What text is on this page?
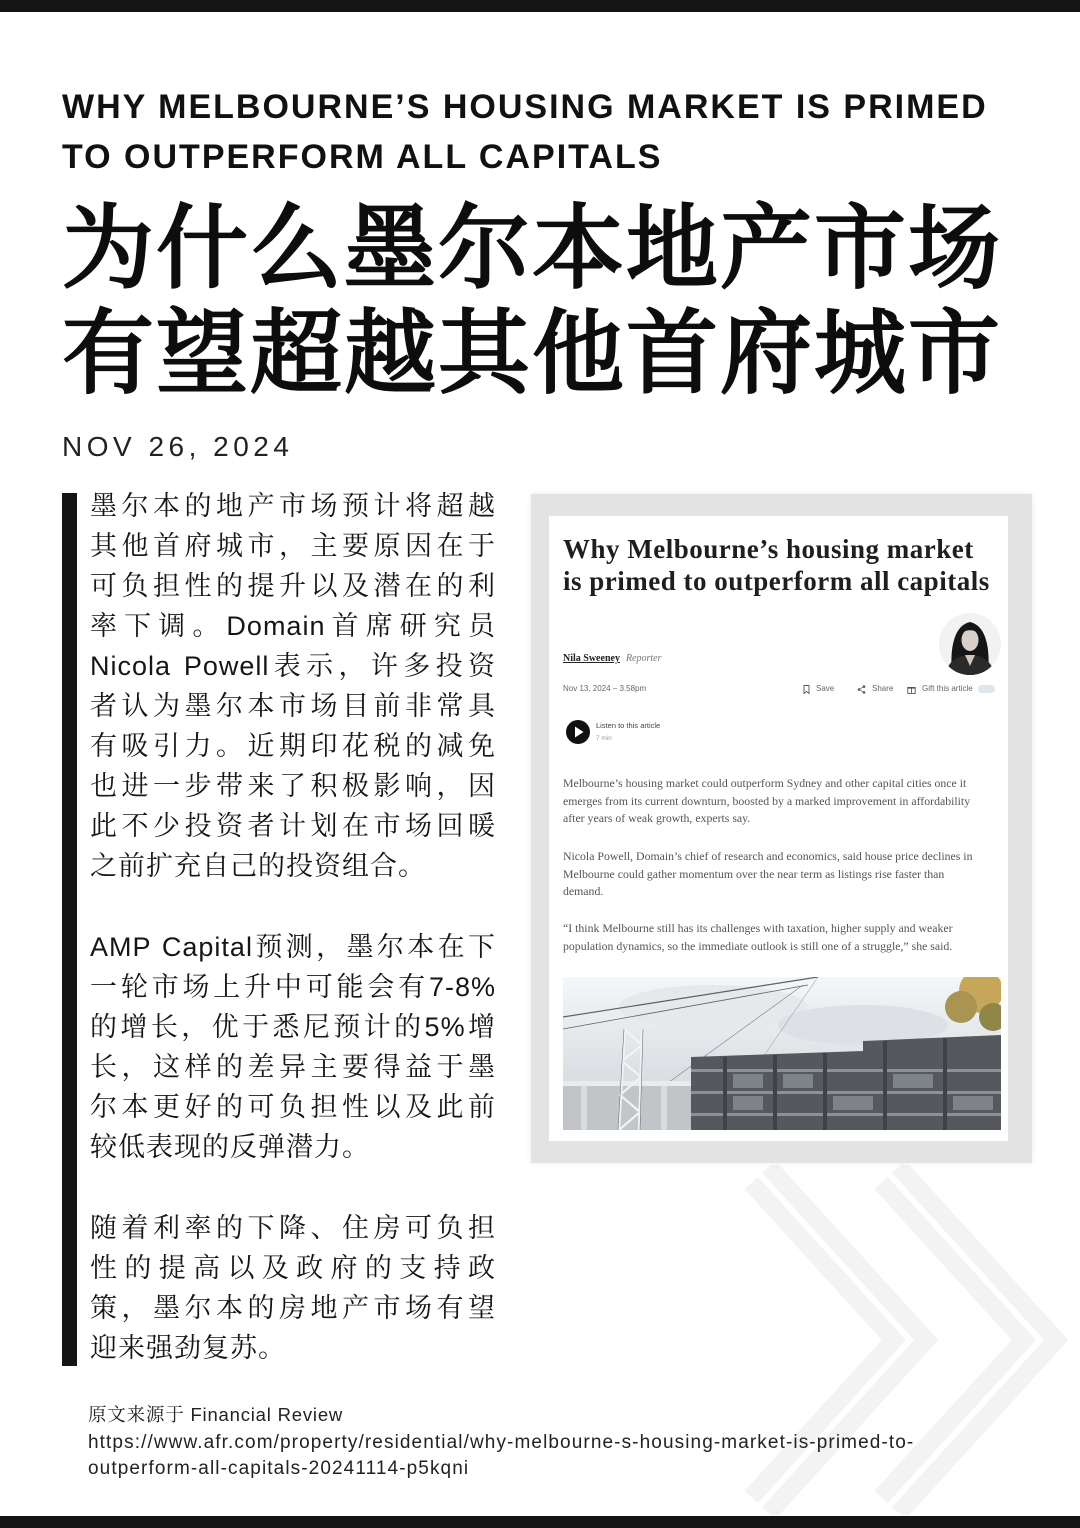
WHY MELBOURNE’S HOUSING MARKET IS PRIMED
TO OUTPERFORM ALL CAPITALS
为什么墨尔本地产市场
有望超越其他首府城市
NOV 26, 2024
墨尔本的地产市场预计将超越
其他首府城市，主要原因在于
可负担性的提升以及潜在的利
率下调。Domain首席研究员
Nicola Powell表示，许多投资
者认为墨尔本市场目前非常具
有吸引力。近期印花税的减免
也进一步带来了积极影响，因
此不少投资者计划在市场回暖
之前扩充自己的投资组合。
AMP Capital预测，墨尔本在下
一轮市场上升中可能会有7-8%
的增长，优于悉尼预计的5%增
长，这样的差异主要得益于墨
尔本更好的可负担性以及此前
较低表现的反弹潜力。
随着利率的下降、住房可负担
性的提高以及政府的支持政
策，墨尔本的房地产市场有望
迎来强劲复苏。
Why Melbourne’s housing market
is primed to outperform all capitals
Nila Sweeney Reporter
Nov 13, 2024 – 3.58pm	Save	Share	Gift this article
Listen to this article
7 min
Melbourne’s housing market could outperform Sydney and other capital cities once it
emerges from its current downturn, boosted by a marked improvement in affordability
after years of weak growth, experts say.
Nicola Powell, Domain’s chief of research and economics, said house price declines in
Melbourne could gather momentum over the near term as listings rise faster than
demand.
“I think Melbourne still has its challenges with taxation, higher supply and weaker
population dynamics, so the immediate outlook is still one of a struggle,” she said.
原文来源于 Financial Review
https://www.afr.com/property/residential/why-melbourne-s-housing-market-is-primed-to-
outperform-all-capitals-20241114-p5kqni
